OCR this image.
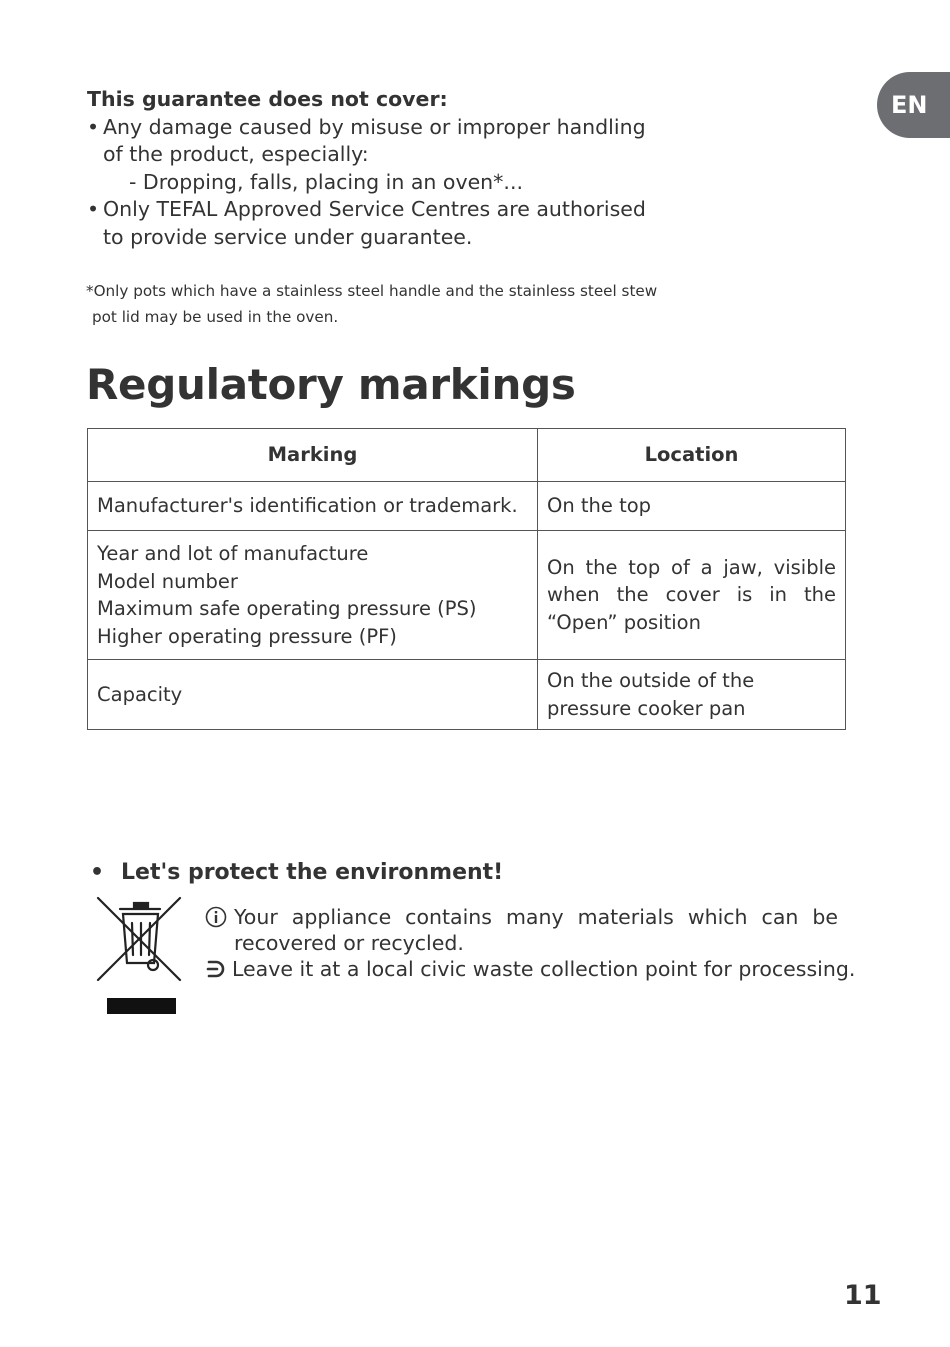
EN
This guarantee does not cover:
• Any damage caused by misuse or improper handling
of the product, especially:
- Dropping, falls, placing in an oven*...
• Only TEFAL Approved Service Centres are authorised
to provide service under guarantee.
*Only pots which have a stainless steel handle and the stainless steel stew
pot lid may be used in the oven.
Regulatory markings
Marking	Location

Manufacturer's identification or trademark.	On the top

Year and lot of manufacture
Model number
Maximum safe operating pressure (PS)
Higher operating pressure (PF)	On the top of a jaw, visible when the cover is in the “Open” position

Capacity	On the outside of the pressure cooker pan
• Let's protect the environment!
Your appliance contains many materials which can be recovered or recycled.
Leave it at a local civic waste collection point for processing.
11
